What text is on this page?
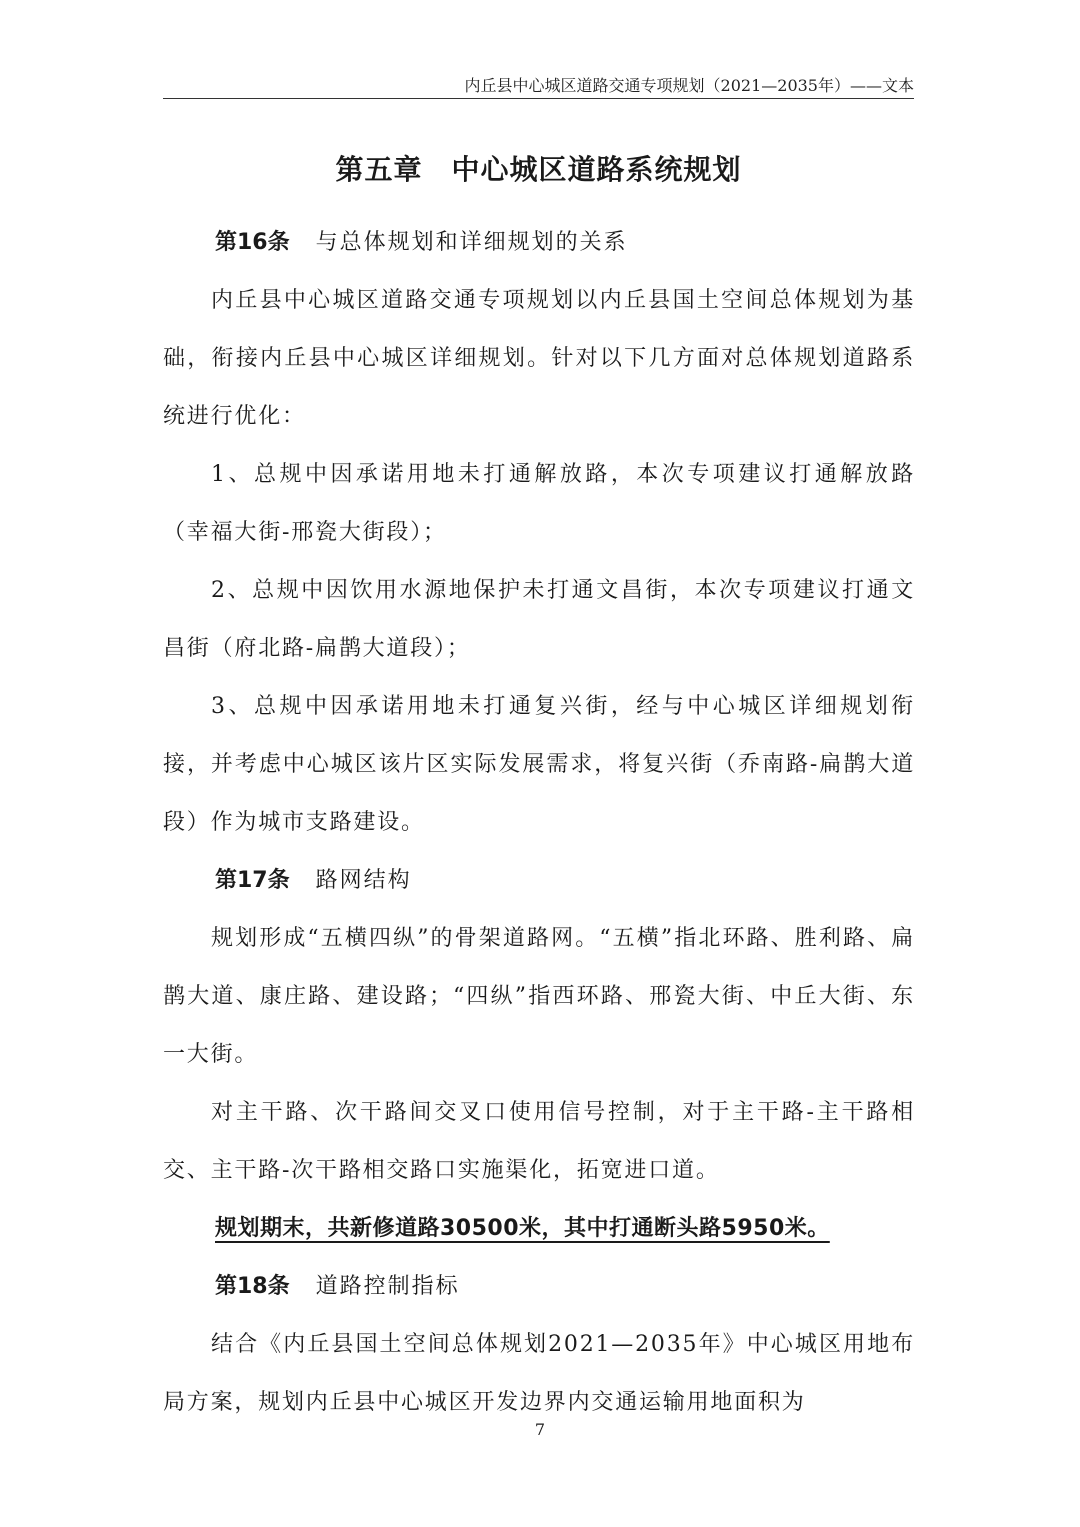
内丘县中心城区道路交通专项规划（2021—2035年）——文本
第五章　中心城区道路系统规划

第16条 与总体规划和详细规划的关系

内丘县中心城区道路交通专项规划以内丘县国土空间总体规划为基础，衔接内丘县中心城区详细规划。针对以下几方面对总体规划道路系统进行优化：

1、总规中因承诺用地未打通解放路，本次专项建议打通解放路（幸福大街-邢瓷大街段）；

2、总规中因饮用水源地保护未打通文昌街，本次专项建议打通文昌街（府北路-扁鹊大道段）；

3、总规中因承诺用地未打通复兴街，经与中心城区详细规划衔接，并考虑中心城区该片区实际发展需求，将复兴街（乔南路-扁鹊大道段）作为城市支路建设。

第17条 路网结构

规划形成“五横四纵”的骨架道路网。“五横”指北环路、胜利路、扁鹊大道、康庄路、建设路；“四纵”指西环路、邢瓷大街、中丘大街、东一大街。

对主干路、次干路间交叉口使用信号控制，对于主干路-主干路相交、主干路-次干路相交路口实施渠化，拓宽进口道。

规划期末，共新修道路30500米，其中打通断头路5950米。

第18条 道路控制指标

结合《内丘县国土空间总体规划2021—2035年》中心城区用地布局方案，规划内丘县中心城区开发边界内交通运输用地面积为

7
